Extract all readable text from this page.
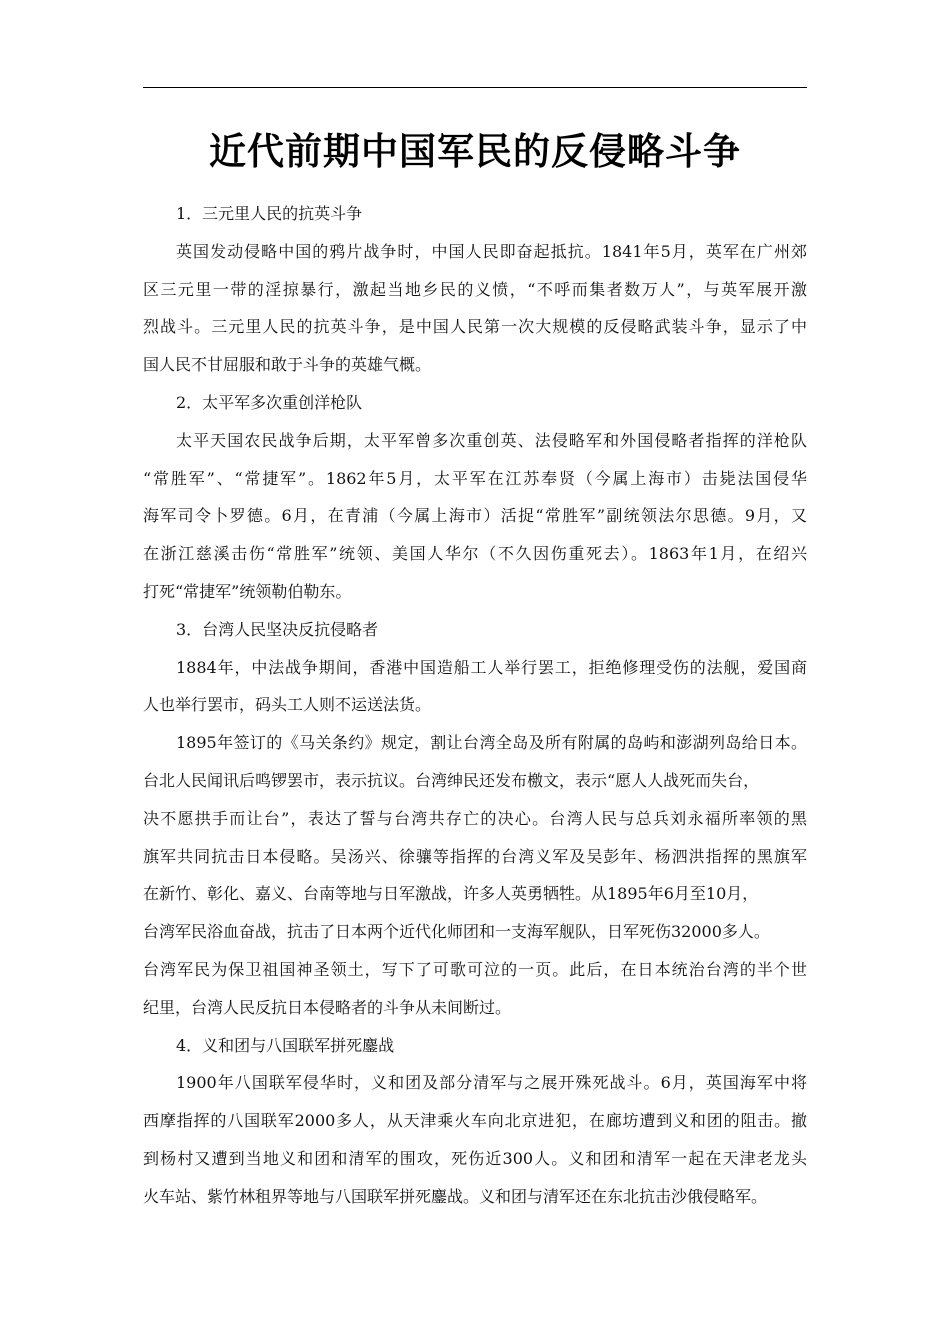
近代前期中国军民的反侵略斗争
1．三元里人民的抗英斗争
英国发动侵略中国的鸦片战争时，中国人民即奋起抵抗。1841年5月，英军在广州郊
区三元里一带的淫掠暴行，激起当地乡民的义愤，“不呼而集者数万人”，与英军展开激
烈战斗。三元里人民的抗英斗争，是中国人民第一次大规模的反侵略武装斗争，显示了中
国人民不甘屈服和敢于斗争的英雄气概。
2．太平军多次重创洋枪队
太平天国农民战争后期，太平军曾多次重创英、法侵略军和外国侵略者指挥的洋枪队
“常胜军”、“常捷军”。1862年5月，太平军在江苏奉贤（今属上海市）击毙法国侵华
海军司令卜罗德。6月，在青浦（今属上海市）活捉“常胜军”副统领法尔思德。9月，又
在浙江慈溪击伤“常胜军”统领、美国人华尔（不久因伤重死去）。1863年1月，在绍兴
打死“常捷军”统领勒伯勒东。
3．台湾人民坚决反抗侵略者
1884年，中法战争期间，香港中国造船工人举行罢工，拒绝修理受伤的法舰，爱国商
人也举行罢市，码头工人则不运送法货。
1895年签订的《马关条约》规定，割让台湾全岛及所有附属的岛屿和澎湖列岛给日本。
台北人民闻讯后鸣锣罢市，表示抗议。台湾绅民还发布檄文，表示“愿人人战死而失台，
决不愿拱手而让台”，表达了誓与台湾共存亡的决心。台湾人民与总兵刘永福所率领的黑
旗军共同抗击日本侵略。吴汤兴、徐骧等指挥的台湾义军及吴彭年、杨泗洪指挥的黑旗军
在新竹、彰化、嘉义、台南等地与日军激战，许多人英勇牺牲。从1895年6月至10月，
台湾军民浴血奋战，抗击了日本两个近代化师团和一支海军舰队，日军死伤32000多人。
台湾军民为保卫祖国神圣领土，写下了可歌可泣的一页。此后，在日本统治台湾的半个世
纪里，台湾人民反抗日本侵略者的斗争从未间断过。
4．义和团与八国联军拼死鏖战
1900年八国联军侵华时，义和团及部分清军与之展开殊死战斗。6月，英国海军中将
西摩指挥的八国联军2000多人，从天津乘火车向北京进犯，在廊坊遭到义和团的阻击。撤
到杨村又遭到当地义和团和清军的围攻，死伤近300人。义和团和清军一起在天津老龙头
火车站、紫竹林租界等地与八国联军拼死鏖战。义和团与清军还在东北抗击沙俄侵略军。
